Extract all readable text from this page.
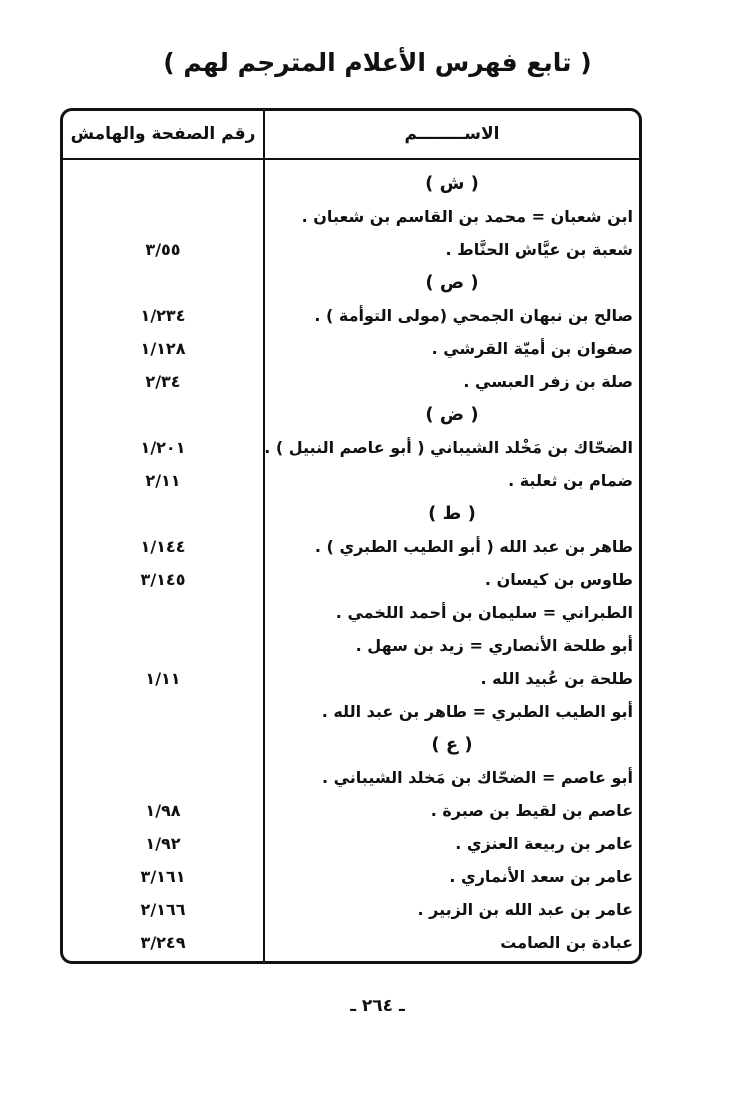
( تابع فهرس الأعلام المترجم لهم )
الاســــــــم
رقم الصفحة والهامش
( ش )
ابن شعبان = محمد بن القاسم بن شعبان .
شعبة بن عيَّاش الحنَّاط .
٣/٥٥
( ص )
صالح بن نبهان الجمحي (مولى التوأمة ) .
١/٢٣٤
صفوان بن أميّة القرشي .
١/١٢٨
صلة بن زفر العبسي .
٢/٣٤
( ض )
الضحّاك بن مَخْلد الشيباني ( أبو عاصم النبيل ) .
١/٢٠١
ضمام بن ثعلبة .
٢/١١
( ط )
طاهر بن عبد الله ( أبو الطيب الطبري ) .
١/١٤٤
طاوس بن كيسان .
٣/١٤٥
الطبراني = سليمان بن أحمد اللخمي .
أبو طلحة الأنصاري = زيد بن سهل .
طلحة بن عُبيد الله .
١/١١
أبو الطيب الطبري = طاهر بن عبد الله .
( ع )
أبو عاصم = الضحّاك بن مَخلد الشيباني .
عاصم بن لقيط بن صبرة .
١/٩٨
عامر بن ربيعة العنزي .
١/٩٢
عامر بن سعد الأنماري .
٣/١٦١
عامر بن عبد الله بن الزبير .
٢/١٦٦
عبادة بن الصامت
٣/٢٤٩
ـ ٢٦٤ ـ
